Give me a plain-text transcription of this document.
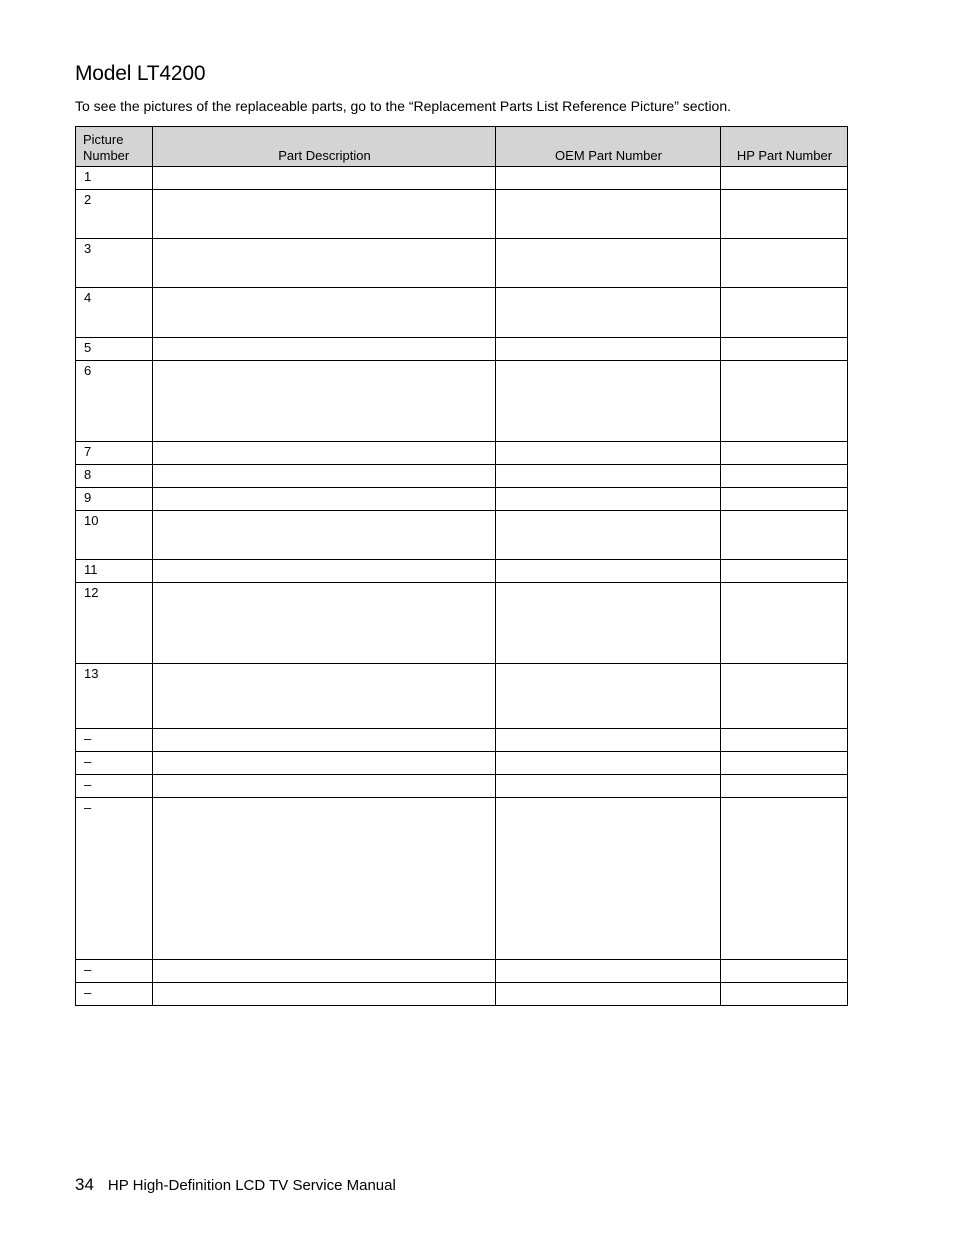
Model LT4200

To see the pictures of the replaceable parts, go to the “Replacement Parts List Reference Picture” section.

Picture
Number	Part Description	OEM Part Number	HP Part Number
1			
2			
3			
4			
5			
6			
7			
8			
9			
10			
11			
12			
13			
–			
–			
–			
–			
–			
–			

34 HP High-Definition LCD TV Service Manual
